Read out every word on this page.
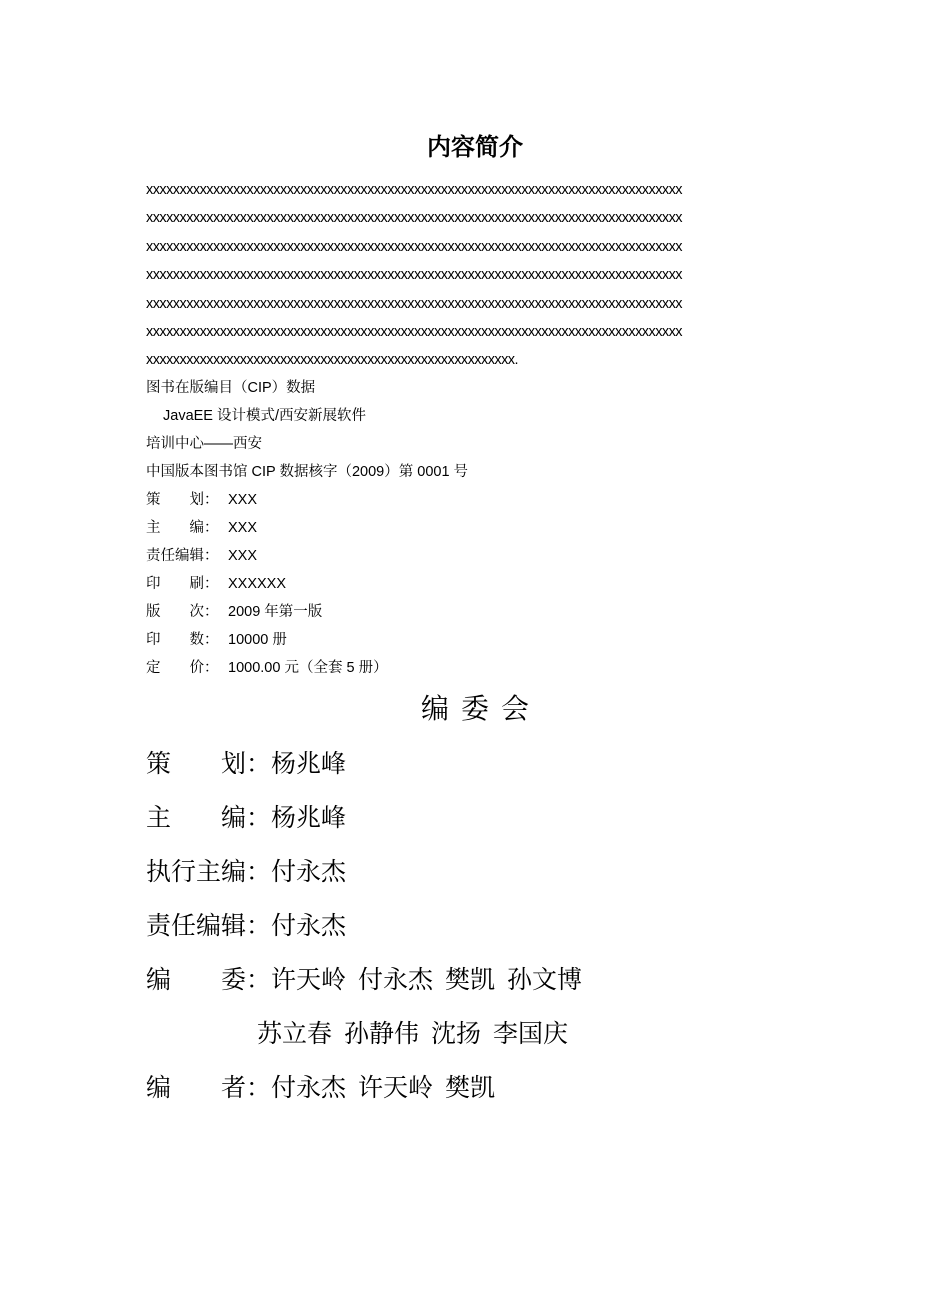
内容简介
xxxxxxxxxxxxxxxxxxxxxxxxxxxxxxxxxxxxxxxxxxxxxxxxxxxxxxxxxxxxxxxxxxxxxxxxxxxxxxxx
xxxxxxxxxxxxxxxxxxxxxxxxxxxxxxxxxxxxxxxxxxxxxxxxxxxxxxxxxxxxxxxxxxxxxxxxxxxxxxxx
xxxxxxxxxxxxxxxxxxxxxxxxxxxxxxxxxxxxxxxxxxxxxxxxxxxxxxxxxxxxxxxxxxxxxxxxxxxxxxxx
xxxxxxxxxxxxxxxxxxxxxxxxxxxxxxxxxxxxxxxxxxxxxxxxxxxxxxxxxxxxxxxxxxxxxxxxxxxxxxxx
xxxxxxxxxxxxxxxxxxxxxxxxxxxxxxxxxxxxxxxxxxxxxxxxxxxxxxxxxxxxxxxxxxxxxxxxxxxxxxxx
xxxxxxxxxxxxxxxxxxxxxxxxxxxxxxxxxxxxxxxxxxxxxxxxxxxxxxxxxxxxxxxxxxxxxxxxxxxxxxxx
xxxxxxxxxxxxxxxxxxxxxxxxxxxxxxxxxxxxxxxxxxxxxxxxxxxxxxx.
图书在版编目（CIP）数据
JavaEE 设计模式/西安新展软件
培训中心——西安
中国版本图书馆 CIP 数据核字（2009）第 0001 号
策 划 ： XXX
主 编 ： XXX
责任编辑： XXX
印 刷 ： XXXXXX
版 次 ： 2009 年第一版
印 数 ： 10000 册
定 价 ： 1000.00 元（全套 5 册）
编 委 会
策 划 ：杨兆峰
主 编 ：杨兆峰
执行主编：付永杰
责任编辑：付永杰
编 委 ：许天岭 付永杰 樊凯 孙文博
苏立春 孙静伟 沈扬 李国庆
编 者 ：付永杰 许天岭 樊凯
